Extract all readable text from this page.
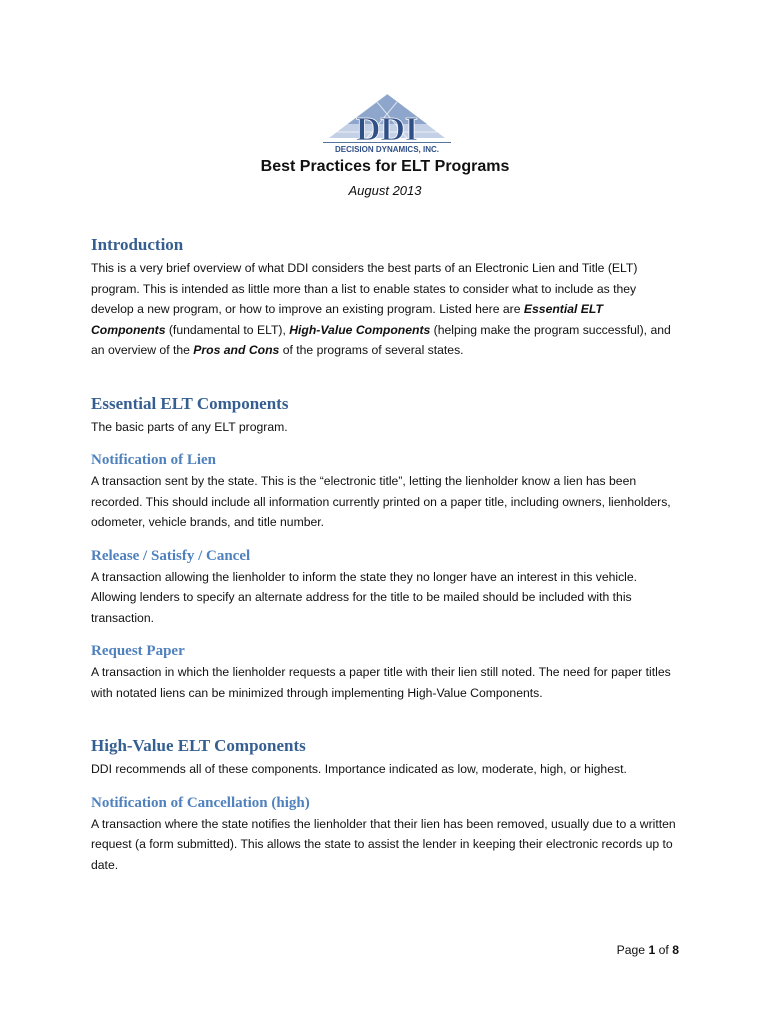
DDI
DECISION DYNAMICS, INC.
Best Practices for ELT Programs
August 2013
Introduction

This is a very brief overview of what DDI considers the best parts of an Electronic Lien and Title (ELT) program. This is intended as little more than a list to enable states to consider what to include as they develop a new program, or how to improve an existing program. Listed here are Essential ELT Components (fundamental to ELT), High-Value Components (helping make the program successful), and an overview of the Pros and Cons of the programs of several states.

Essential ELT Components

The basic parts of any ELT program.

Notification of Lien

A transaction sent by the state. This is the “electronic title”, letting the lienholder know a lien has been recorded. This should include all information currently printed on a paper title, including owners, lienholders, odometer, vehicle brands, and title number.

Release / Satisfy / Cancel

A transaction allowing the lienholder to inform the state they no longer have an interest in this vehicle. Allowing lenders to specify an alternate address for the title to be mailed should be included with this transaction.

Request Paper

A transaction in which the lienholder requests a paper title with their lien still noted. The need for paper titles with notated liens can be minimized through implementing High-Value Components.

High-Value ELT Components

DDI recommends all of these components. Importance indicated as low, moderate, high, or highest.

Notification of Cancellation (high)

A transaction where the state notifies the lienholder that their lien has been removed, usually due to a written request (a form submitted). This allows the state to assist the lender in keeping their electronic records up to date.

Page 1 of 8
